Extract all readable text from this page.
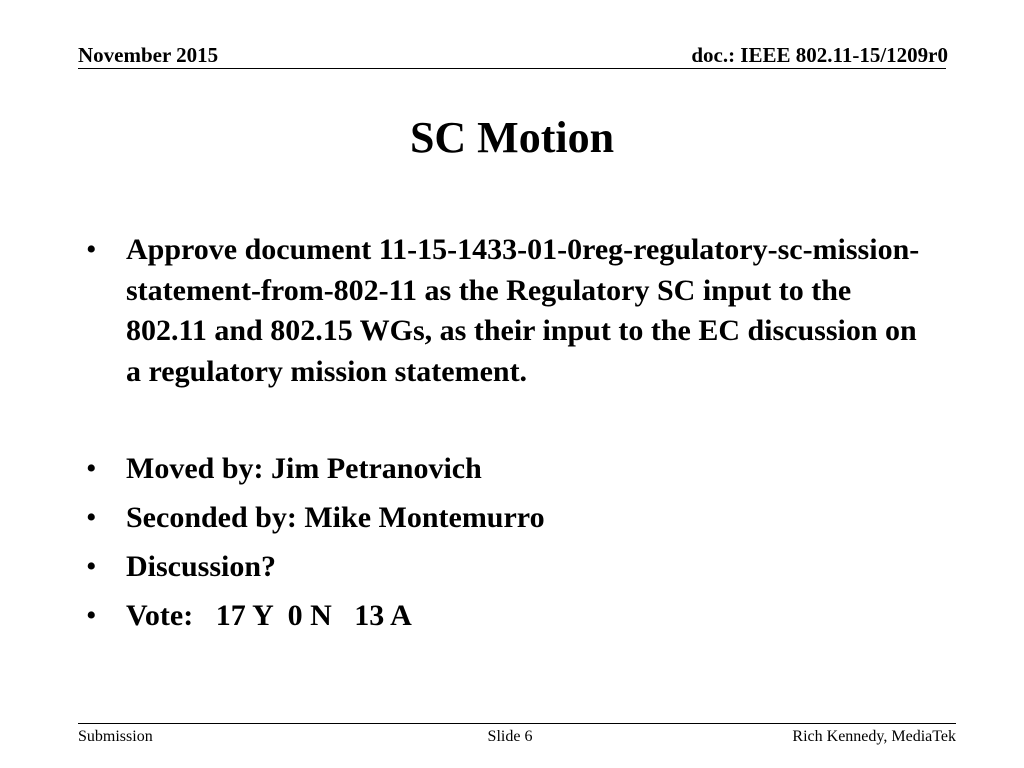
November 2015	doc.: IEEE 802.11-15/1209r0
SC Motion
• Approve document 11-15-1433-01-0reg-regulatory-sc-mission-statement-from-802-11 as the Regulatory SC input to the 802.11 and 802.15 WGs, as their input to the EC discussion on a regulatory mission statement.
• Moved by: Jim Petranovich
• Seconded by: Mike Montemurro
• Discussion?
• Vote:   17 Y  0 N   13 A
Submission	Slide 6	Rich Kennedy, MediaTek
